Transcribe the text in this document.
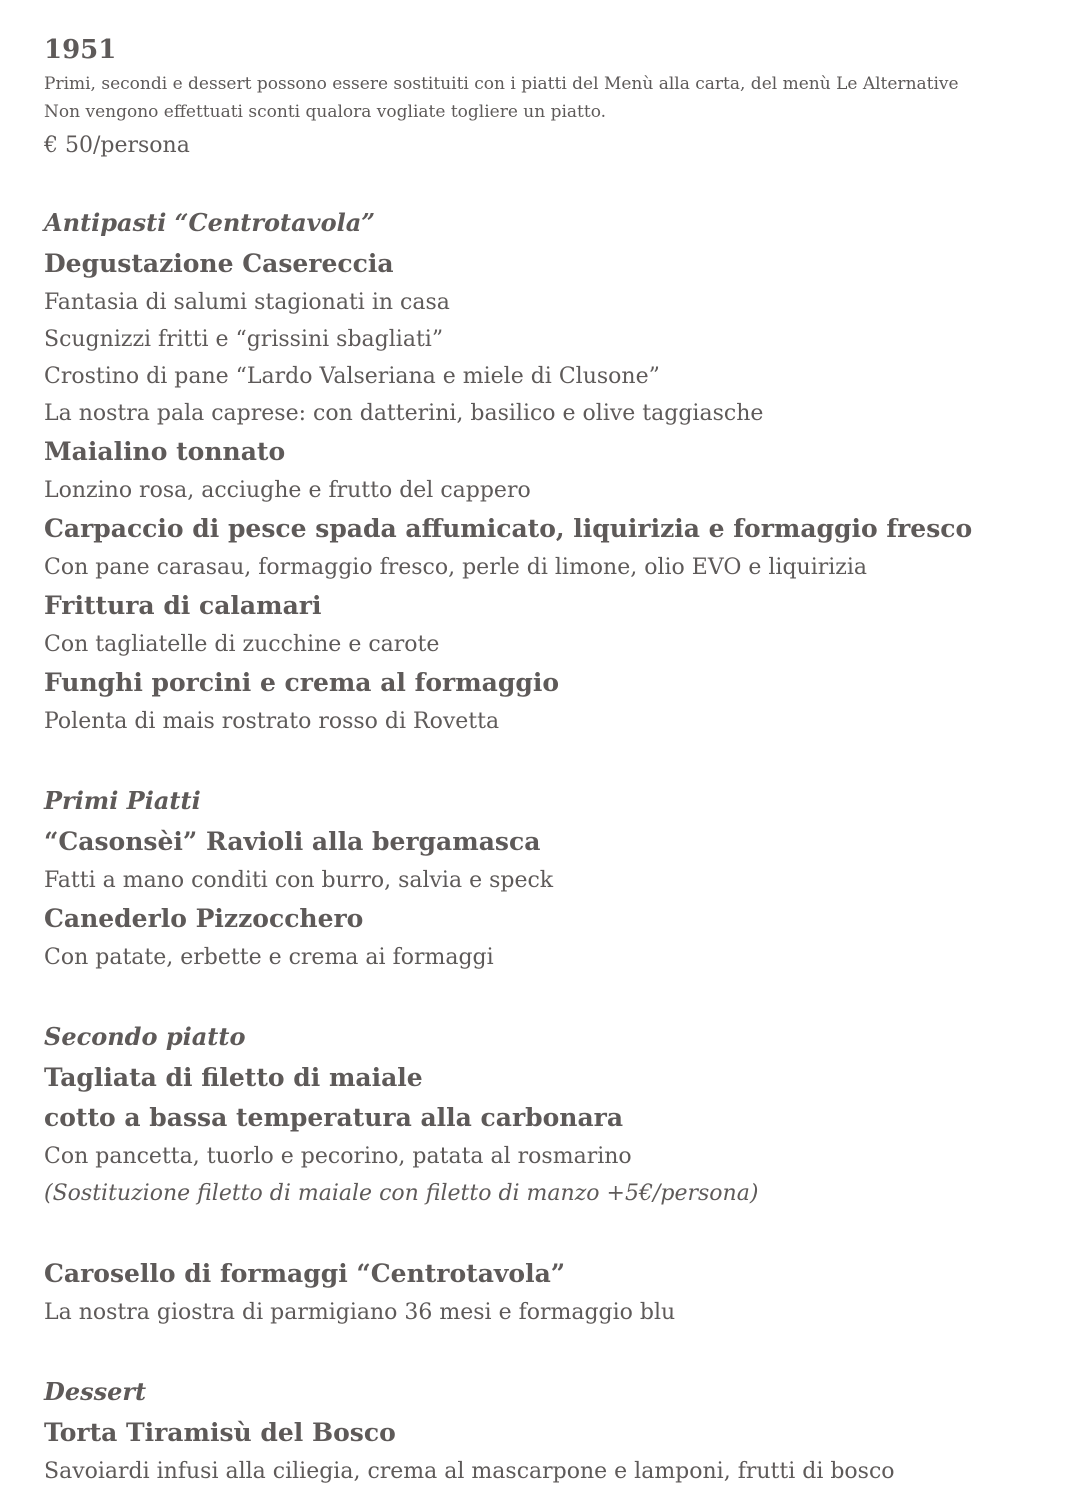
1951

Primi, secondi e dessert possono essere sostituiti con i piatti del Menù alla carta, del menù Le Alternative

Non vengono effettuati sconti qualora vogliate togliere un piatto.

€ 50/persona

Antipasti “Centrotavola”
Degustazione Casereccia
Fantasia di salumi stagionati in casa
Scugnizzi fritti e “grissini sbagliati”
Crostino di pane “Lardo Valseriana e miele di Clusone”
La nostra pala caprese: con datterini, basilico e olive taggiasche
Maialino tonnato
Lonzino rosa, acciughe e frutto del cappero
Carpaccio di pesce spada affumicato, liquirizia e formaggio fresco
Con pane carasau, formaggio fresco, perle di limone, olio EVO e liquirizia
Frittura di calamari
Con tagliatelle di zucchine e carote
Funghi porcini e crema al formaggio
Polenta di mais rostrato rosso di Rovetta
Primi Piatti
“Casonsèi” Ravioli alla bergamasca
Fatti a mano conditi con burro, salvia e speck
Canederlo Pizzocchero
Con patate, erbette e crema ai formaggi
Secondo piatto
Tagliata di filetto di maiale
cotto a bassa temperatura alla carbonara
Con pancetta, tuorlo e pecorino, patata al rosmarino
(Sostituzione filetto di maiale con filetto di manzo +5€/persona)
Carosello di formaggi “Centrotavola”
La nostra giostra di parmigiano 36 mesi e formaggio blu
Dessert
Torta Tiramisù del Bosco
Savoiardi infusi alla ciliegia, crema al mascarpone e lamponi, frutti di bosco
